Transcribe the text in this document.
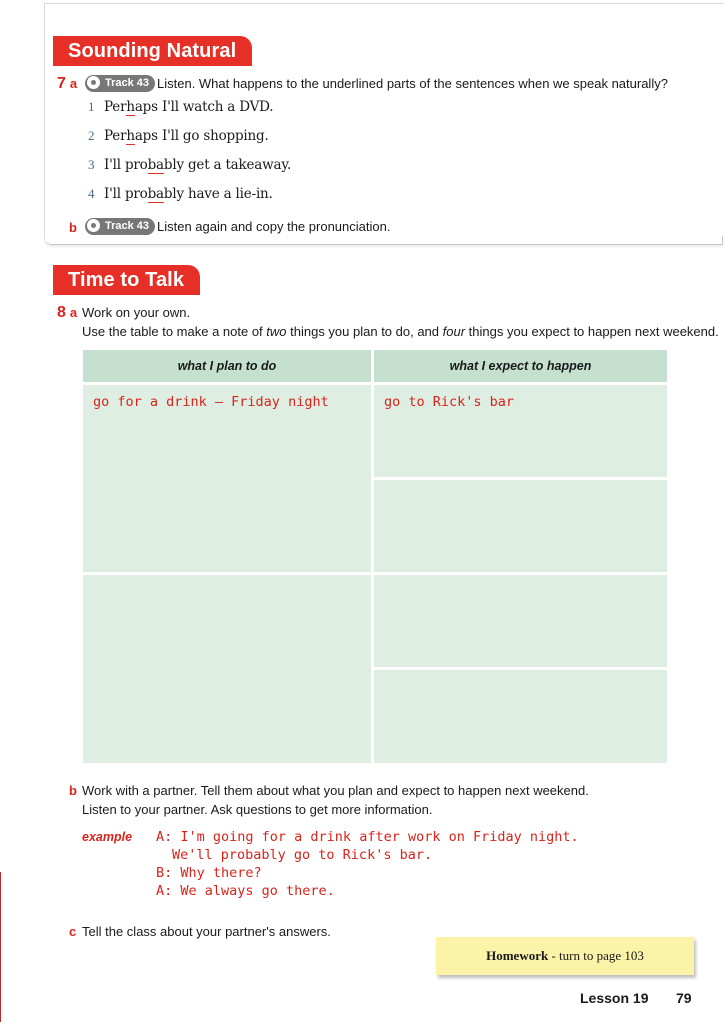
Sounding Natural
7 a	Track 43 Listen. What happens to the underlined parts of the sentences when we speak naturally?
1 Perhaps I'll watch a DVD.
2 Perhaps I'll go shopping.
3 I'll probably get a takeaway.
4 I'll probably have a lie-in.
b	Track 43 Listen again and copy the pronunciation.
Time to Talk
8 a Work on your own.
Use the table to make a note of two things you plan to do, and four things you expect to happen next weekend.
what I plan to do	what I expect to happen
go for a drink – Friday night	go to Rick's bar
b Work with a partner. Tell them about what you plan and expect to happen next weekend.
Listen to your partner. Ask questions to get more information.
example A: I'm going for a drink after work on Friday night.
We'll probably go to Rick's bar.
B: Why there?
A: We always go there.
c Tell the class about your partner's answers.
Homework - turn to page 103
Lesson 19 79
